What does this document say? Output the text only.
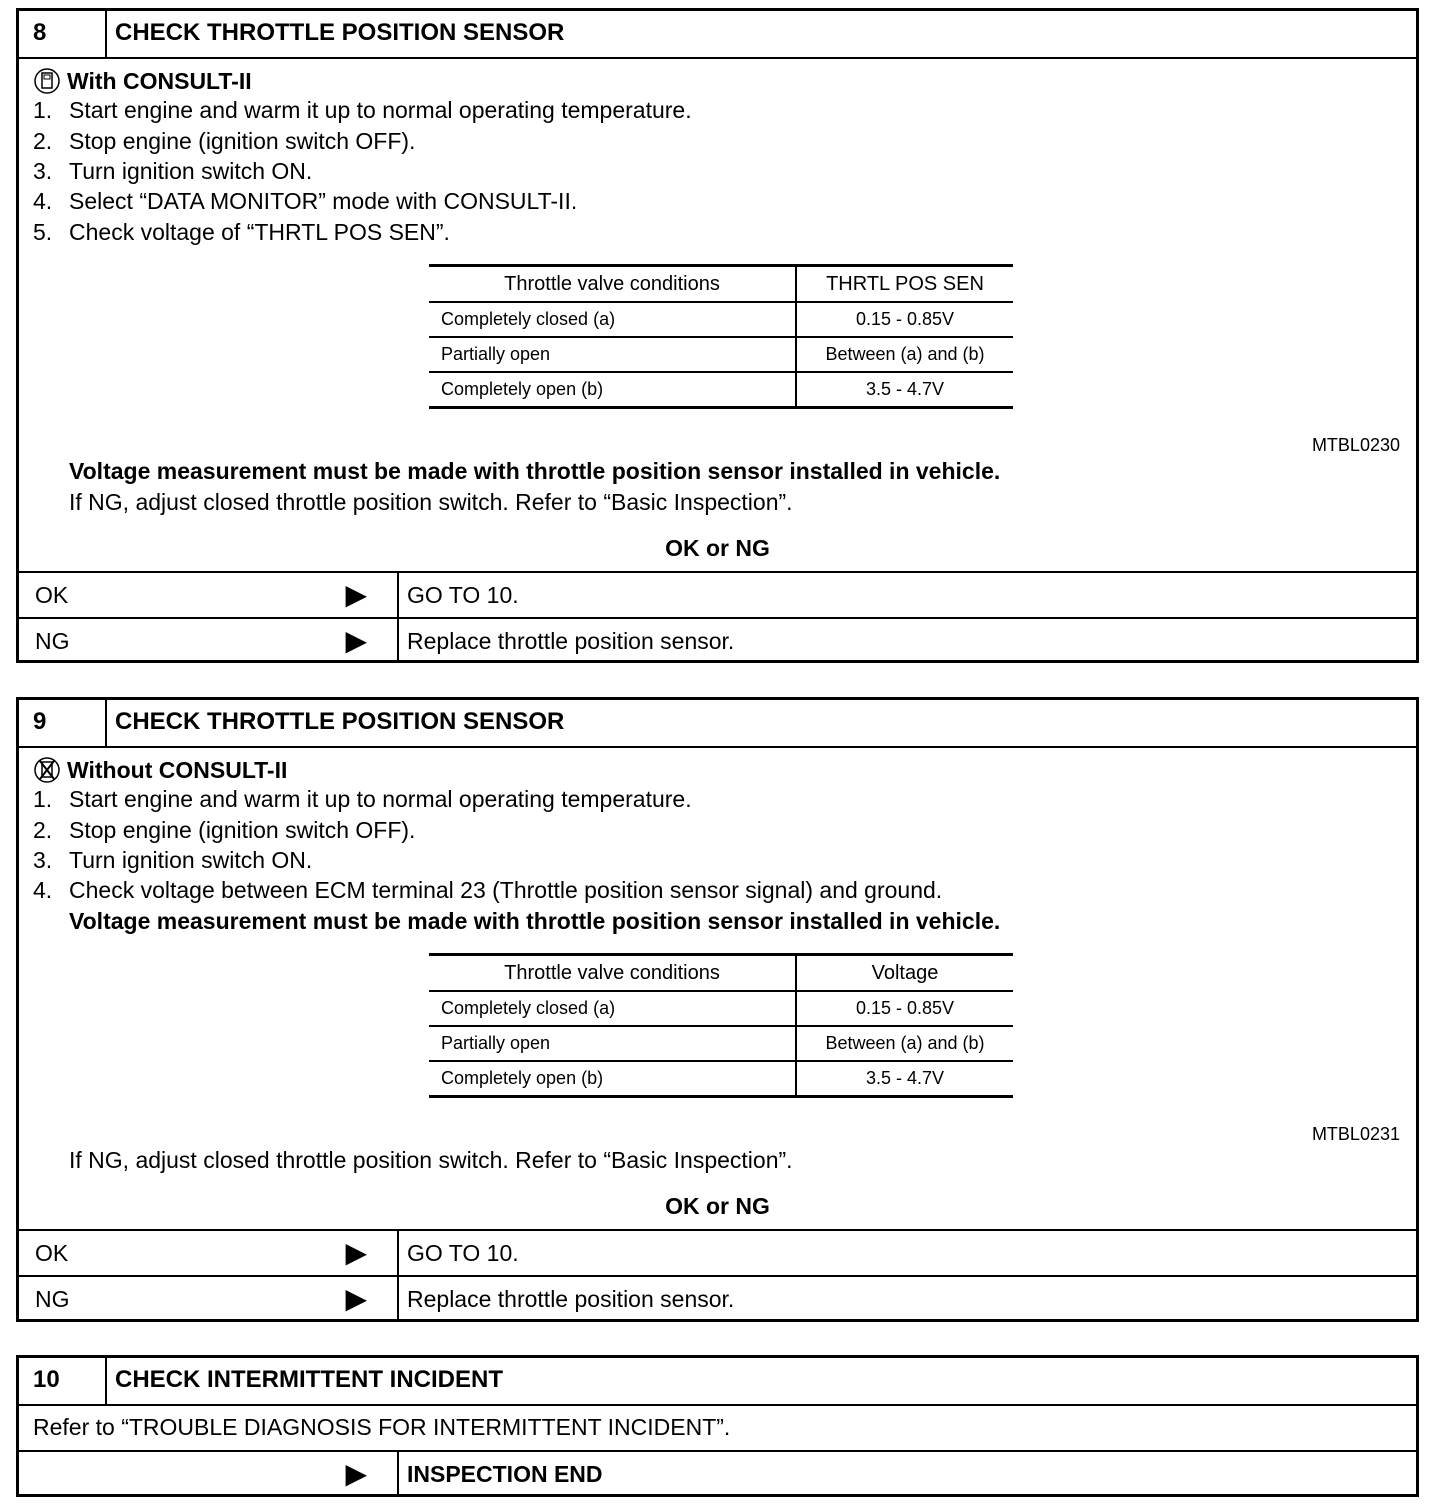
8	CHECK THROTTLE POSITION SENSOR
With CONSULT-II
1. Start engine and warm it up to normal operating temperature.
2. Stop engine (ignition switch OFF).
3. Turn ignition switch ON.
4. Select “DATA MONITOR” mode with CONSULT-II.
5. Check voltage of “THRTL POS SEN”.
Throttle valve conditions	THRTL POS SEN
Completely closed (a)	0.15 - 0.85V
Partially open	Between (a) and (b)
Completely open (b)	3.5 - 4.7V
MTBL0230
Voltage measurement must be made with throttle position sensor installed in vehicle.
If NG, adjust closed throttle position switch. Refer to “Basic Inspection”.
OK or NG
OK	▶	GO TO 10.
NG	▶	Replace throttle position sensor.
9	CHECK THROTTLE POSITION SENSOR
Without CONSULT-II
1. Start engine and warm it up to normal operating temperature.
2. Stop engine (ignition switch OFF).
3. Turn ignition switch ON.
4. Check voltage between ECM terminal 23 (Throttle position sensor signal) and ground.
Voltage measurement must be made with throttle position sensor installed in vehicle.
Throttle valve conditions	Voltage
Completely closed (a)	0.15 - 0.85V
Partially open	Between (a) and (b)
Completely open (b)	3.5 - 4.7V
MTBL0231
If NG, adjust closed throttle position switch. Refer to “Basic Inspection”.
OK or NG
OK	▶	GO TO 10.
NG	▶	Replace throttle position sensor.
10	CHECK INTERMITTENT INCIDENT
Refer to “TROUBLE DIAGNOSIS FOR INTERMITTENT INCIDENT”.
▶	INSPECTION END
